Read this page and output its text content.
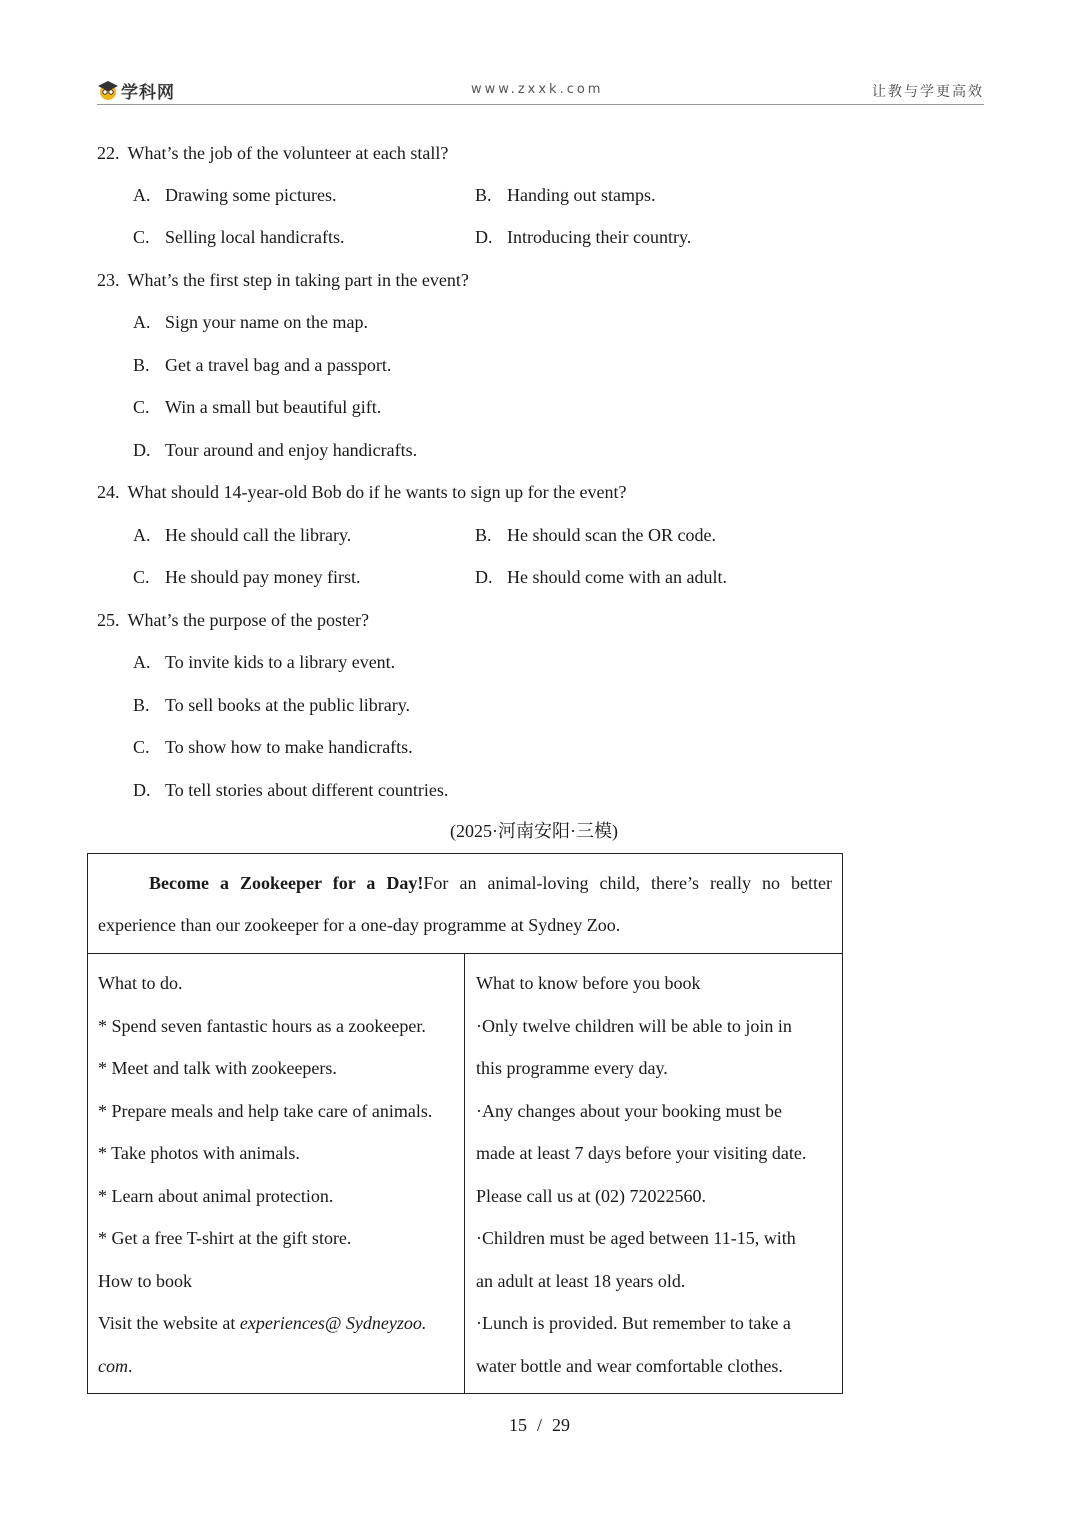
学科网	www.zxxk.com	让教与学更高效
22. What’s the job of the volunteer at each stall?
A. Drawing some pictures.	B. Handing out stamps.
C. Selling local handicrafts.	D. Introducing their country.
23. What’s the first step in taking part in the event?
A. Sign your name on the map.
B. Get a travel bag and a passport.
C. Win a small but beautiful gift.
D. Tour around and enjoy handicrafts.
24. What should 14-year-old Bob do if he wants to sign up for the event?
A. He should call the library.	B. He should scan the OR code.
C. He should pay money first.	D. He should come with an adult.
25. What’s the purpose of the poster?
A. To invite kids to a library event.
B. To sell books at the public library.
C. To show how to make handicrafts.
D. To tell stories about different countries.
(2025·河南安阳·三模)
Become a Zookeeper for a Day!For an animal-loving child, there’s really no better
experience than our zookeeper for a one-day programme at Sydney Zoo.
What to do.
* Spend seven fantastic hours as a zookeeper.
* Meet and talk with zookeepers.
* Prepare meals and help take care of animals.
* Take photos with animals.
* Learn about animal protection.
* Get a free T-shirt at the gift store.
How to book
Visit the website at experiences@ Sydneyzoo.
com.
What to know before you book
·Only twelve children will be able to join in
this programme every day.
·Any changes about your booking must be
made at least 7 days before your visiting date.
Please call us at (02) 72022560.
·Children must be aged between 11-15, with
an adult at least 18 years old.
·Lunch is provided. But remember to take a
water bottle and wear comfortable clothes.
15 / 29
